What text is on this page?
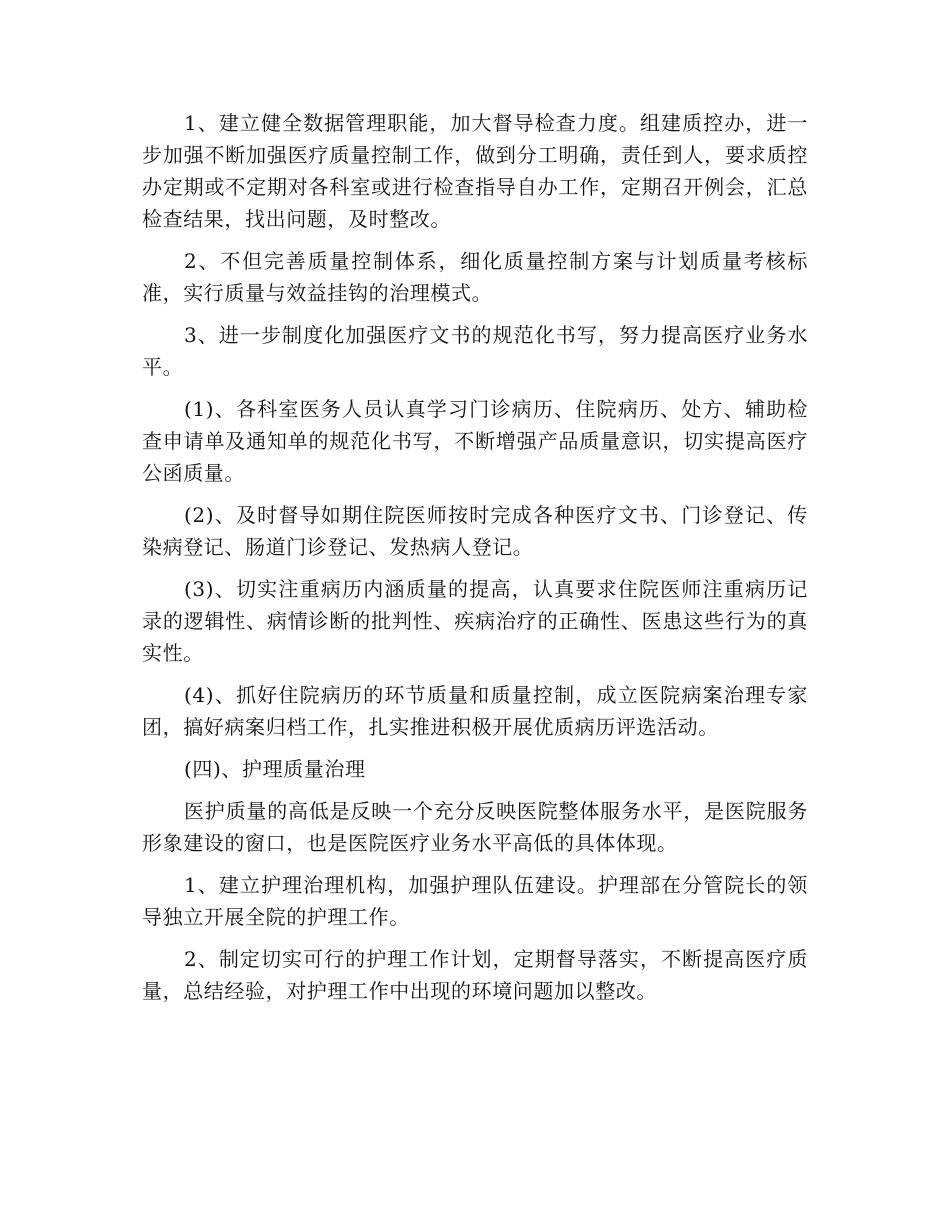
1、建立健全数据管理职能，加大督导检查力度。组建质控办，进一步加强不断加强医疗质量控制工作，做到分工明确，责任到人，要求质控办定期或不定期对各科室或进行检查指导自办工作，定期召开例会，汇总检查结果，找出问题，及时整改。

2、不但完善质量控制体系，细化质量控制方案与计划质量考核标准，实行质量与效益挂钩的治理模式。

3、进一步制度化加强医疗文书的规范化书写，努力提高医疗业务水平。

(1)、各科室医务人员认真学习门诊病历、住院病历、处方、辅助检查申请单及通知单的规范化书写，不断增强产品质量意识，切实提高医疗公函质量。

(2)、及时督导如期住院医师按时完成各种医疗文书、门诊登记、传染病登记、肠道门诊登记、发热病人登记。

(3)、切实注重病历内涵质量的提高，认真要求住院医师注重病历记录的逻辑性、病情诊断的批判性、疾病治疗的正确性、医患这些行为的真实性。

(4)、抓好住院病历的环节质量和质量控制，成立医院病案治理专家团，搞好病案归档工作，扎实推进积极开展优质病历评选活动。

(四)、护理质量治理

医护质量的高低是反映一个充分反映医院整体服务水平，是医院服务形象建设的窗口，也是医院医疗业务水平高低的具体体现。

1、建立护理治理机构，加强护理队伍建设。护理部在分管院长的领导独立开展全院的护理工作。

2、制定切实可行的护理工作计划，定期督导落实，不断提高医疗质量，总结经验，对护理工作中出现的环境问题加以整改。
